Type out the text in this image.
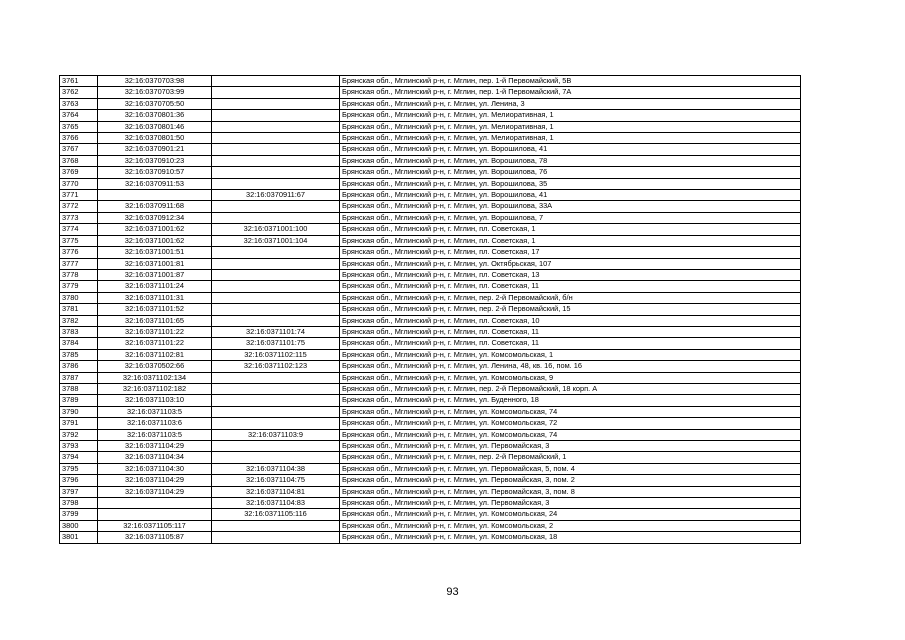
3761	32:16:0370703:98		Брянская обл., Мглинский р-н, г. Мглин, пер. 1-й Первомайский, 5В
3762	32:16:0370703:99		Брянская обл., Мглинский р-н, г. Мглин, пер. 1-й Первомайский, 7А
3763	32:16:0370705:50		Брянская обл., Мглинский р-н, г. Мглин, ул. Ленина, 3
3764	32:16:0370801:36		Брянская обл., Мглинский р-н, г. Мглин, ул. Мелиоративная, 1
3765	32:16:0370801:46		Брянская обл., Мглинский р-н, г. Мглин, ул. Мелиоративная, 1
3766	32:16:0370801:50		Брянская обл., Мглинский р-н, г. Мглин, ул. Мелиоративная, 1
3767	32:16:0370901:21		Брянская обл., Мглинский р-н, г. Мглин, ул. Ворошилова, 41
3768	32:16:0370910:23		Брянская обл., Мглинский р-н, г. Мглин, ул. Ворошилова, 78
3769	32:16:0370910:57		Брянская обл., Мглинский р-н, г. Мглин, ул. Ворошилова, 76
3770	32:16:0370911:53		Брянская обл., Мглинский р-н, г. Мглин, ул. Ворошилова, 35
3771		32:16:0370911:67	Брянская обл., Мглинский р-н, г. Мглин, ул. Ворошилова, 41
3772	32:16:0370911:68		Брянская обл., Мглинский р-н, г. Мглин, ул. Ворошилова, 33А
3773	32:16:0370912:34		Брянская обл., Мглинский р-н, г. Мглин, ул. Ворошилова, 7
3774	32:16:0371001:62	32:16:0371001:100	Брянская обл., Мглинский р-н, г. Мглин, пл. Советская, 1
3775	32:16:0371001:62	32:16:0371001:104	Брянская обл., Мглинский р-н, г. Мглин, пл. Советская, 1
3776	32:16:0371001:51		Брянская обл., Мглинский р-н, г. Мглин, пл. Советская, 17
3777	32:16:0371001:81		Брянская обл., Мглинский р-н, г. Мглин, ул. Октябрьская, 107
3778	32:16:0371001:87		Брянская обл., Мглинский р-н, г. Мглин, пл. Советская, 13
3779	32:16:0371101:24		Брянская обл., Мглинский р-н, г. Мглин, пл. Советская, 11
3780	32:16:0371101:31		Брянская обл., Мглинский р-н, г. Мглин, пер. 2-й Первомайский, б/н
3781	32:16:0371101:52		Брянская обл., Мглинский р-н, г. Мглин, пер. 2-й Первомайский, 15
3782	32:16:0371101:65		Брянская обл., Мглинский р-н, г. Мглин, пл. Советская, 10
3783	32:16:0371101:22	32:16:0371101:74	Брянская обл., Мглинский р-н, г. Мглин, пл. Советская, 11
3784	32:16:0371101:22	32:16:0371101:75	Брянская обл., Мглинский р-н, г. Мглин, пл. Советская, 11
3785	32:16:0371102:81	32:16:0371102:115	Брянская обл., Мглинский р-н, г. Мглин, ул. Комсомольская, 1
3786	32:16:0370502:66	32:16:0371102:123	Брянская обл., Мглинский р-н, г. Мглин, ул. Ленина, 48, кв. 16, пом. 16
3787	32:16:0371102:134		Брянская обл., Мглинский р-н, г. Мглин, ул. Комсомольская, 9
3788	32:16:0371102:182		Брянская обл., Мглинский р-н, г. Мглин, пер. 2-й Первомайский, 18 корп. А
3789	32:16:0371103:10		Брянская обл., Мглинский р-н, г. Мглин, ул. Буденного, 18
3790	32:16:0371103:5		Брянская обл., Мглинский р-н, г. Мглин, ул. Комсомольская, 74
3791	32:16:0371103:6		Брянская обл., Мглинский р-н, г. Мглин, ул. Комсомольская, 72
3792	32:16:0371103:5	32:16:0371103:9	Брянская обл., Мглинский р-н, г. Мглин, ул. Комсомольская, 74
3793	32:16:0371104:29		Брянская обл., Мглинский р-н, г. Мглин, ул. Первомайская, 3
3794	32:16:0371104:34		Брянская обл., Мглинский р-н, г. Мглин, пер. 2-й Первомайский, 1
3795	32:16:0371104:30	32:16:0371104:38	Брянская обл., Мглинский р-н, г. Мглин, ул. Первомайская, 5, пом. 4
3796	32:16:0371104:29	32:16:0371104:75	Брянская обл., Мглинский р-н, г. Мглин, ул. Первомайская, 3, пом. 2
3797	32:16:0371104:29	32:16:0371104:81	Брянская обл., Мглинский р-н, г. Мглин, ул. Первомайская, 3, пом. 8
3798		32:16:0371104:83	Брянская обл., Мглинский р-н, г. Мглин, ул. Первомайская, 3
3799		32:16:0371105:116	Брянская обл., Мглинский р-н, г. Мглин, ул. Комсомольская, 24
3800	32:16:0371105:117		Брянская обл., Мглинский р-н, г. Мглин, ул. Комсомольская, 2
3801	32:16:0371105:87		Брянская обл., Мглинский р-н, г. Мглин, ул. Комсомольская, 18
93
